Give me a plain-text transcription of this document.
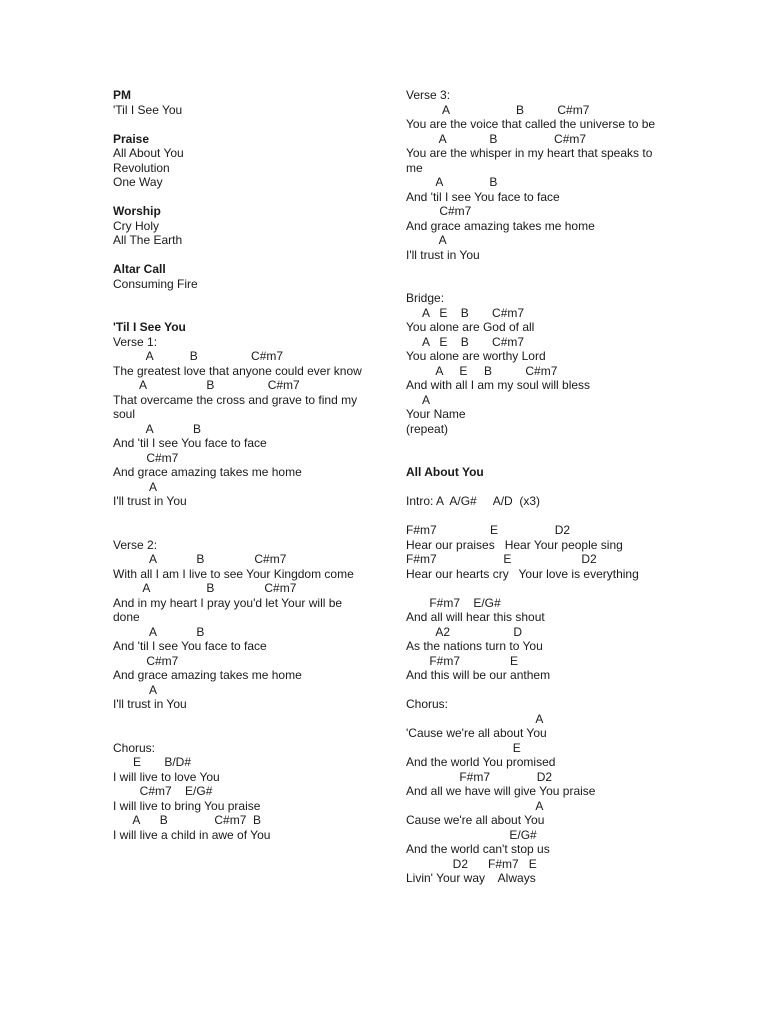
PM
'Til I See You
Praise
All About You
Revolution
One Way
Worship
Cry Holy
All The Earth
Altar Call
Consuming Fire
'Til I See You
Verse 1:
A           B                C#m7
The greatest love that anyone could ever know
A                  B                C#m7
That overcame the cross and grave to find my soul
A            B
And 'til I see You face to face
C#m7
And grace amazing takes me home
A
I'll trust in You
Verse 2:
A            B               C#m7
With all I am I live to see Your Kingdom come
A                 B               C#m7
And in my heart I pray you'd let Your will be done
A            B
And 'til I see You face to face
C#m7
And grace amazing takes me home
A
I'll trust in You
Chorus:
E       B/D#
I will live to love You
C#m7    E/G#
I will live to bring You praise
A      B              C#m7  B
I will live a child in awe of You
Verse 3:
A                    B          C#m7
You are the voice that called the universe to be
A             B                 C#m7
You are the whisper in my heart that speaks to me
A              B
And 'til I see You face to face
C#m7
And grace amazing takes me home
A
I'll trust in You
Bridge:
A   E    B       C#m7
You alone are God of all
A   E    B       C#m7
You alone are worthy Lord
A     E     B          C#m7
And with all I am my soul will bless
A
Your Name
(repeat)
All About You
Intro: A  A/G#     A/D  (x3)
F#m7                E                 D2
Hear our praises   Hear Your people sing
F#m7                    E                     D2
Hear our hearts cry   Your love is everything
F#m7    E/G#
And all will hear this shout
A2                   D
As the nations turn to You
F#m7               E
And this will be our anthem
Chorus:
A
'Cause we're all about You
E
And the world You promised
F#m7              D2
And all we have will give You praise
A
Cause we're all about You
E/G#
And the world can't stop us
D2      F#m7   E
Livin' Your way    Always
